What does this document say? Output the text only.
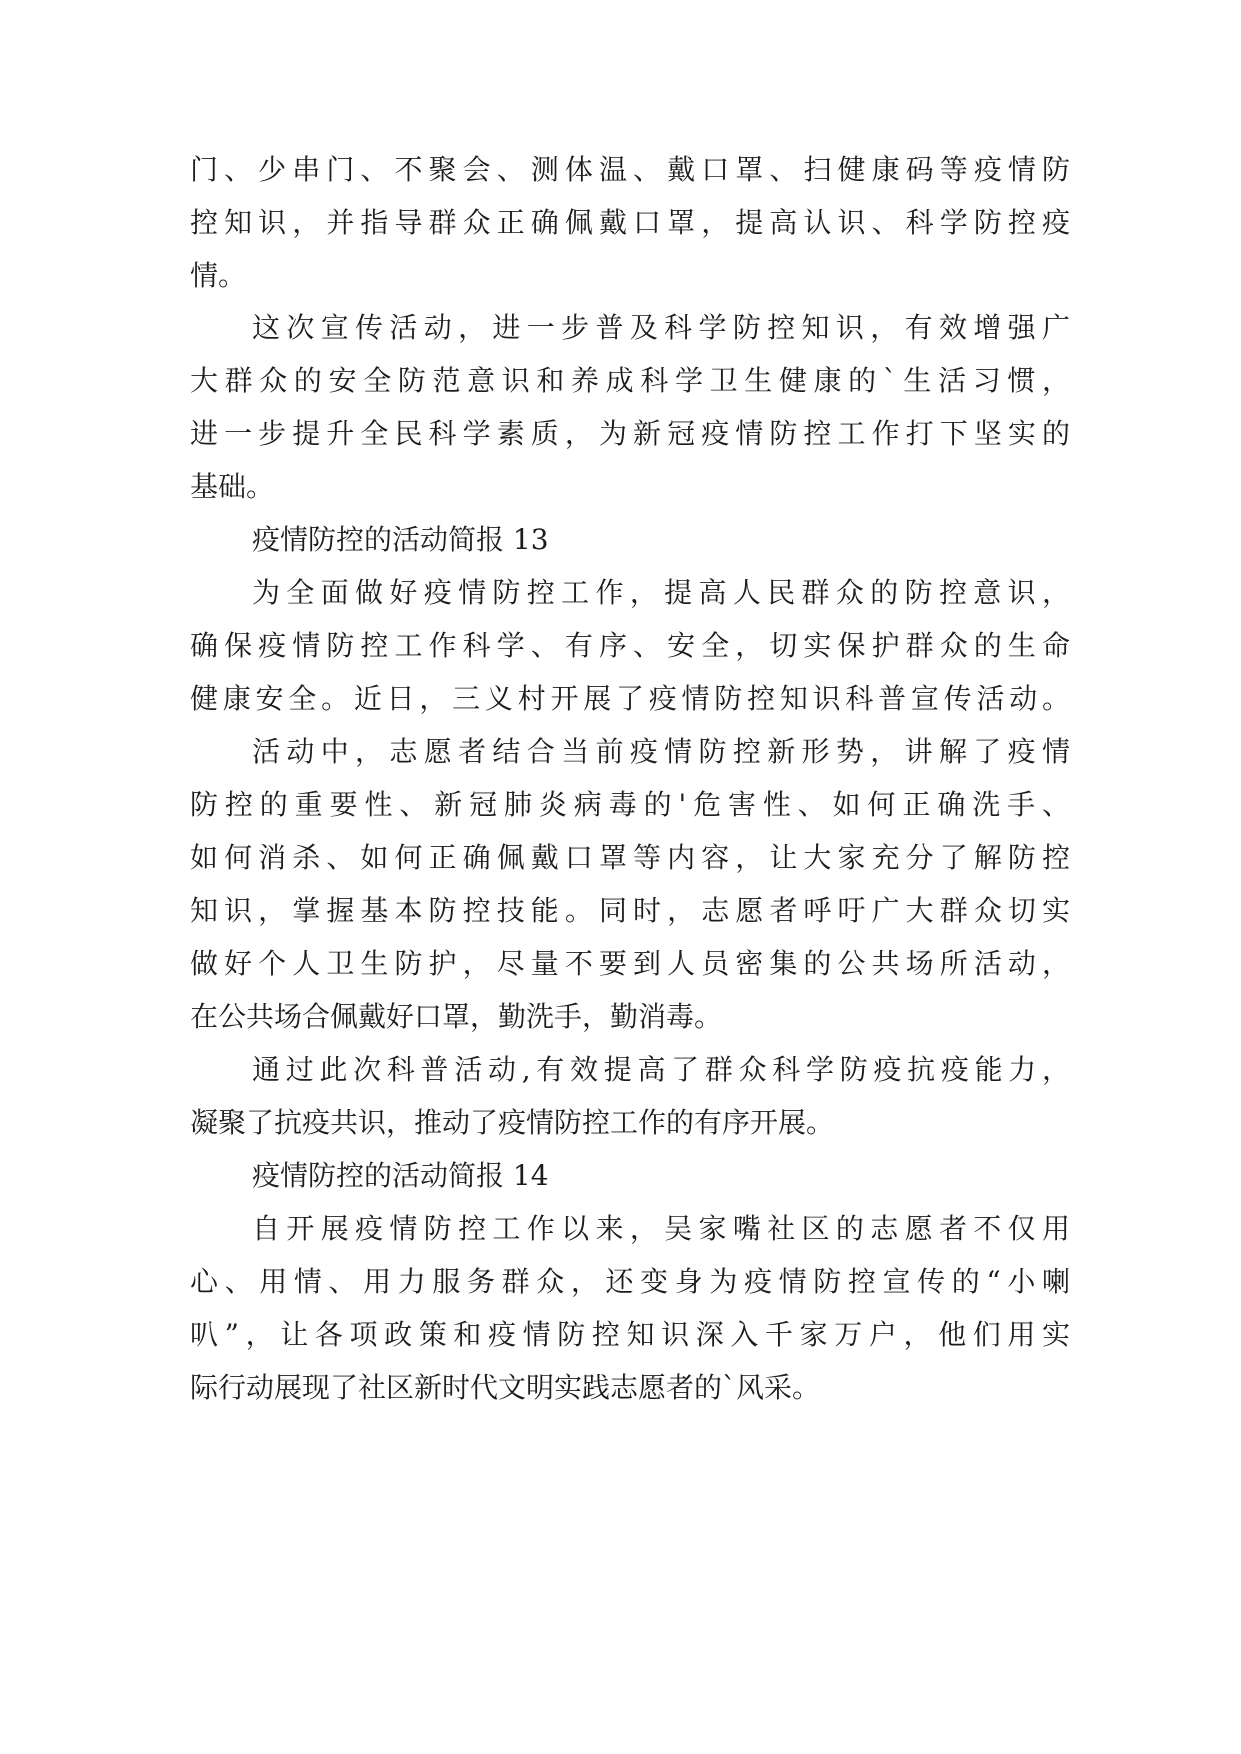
门、少串门、不聚会、测体温、戴口罩、扫健康码等疫情防
控知识，并指导群众正确佩戴口罩，提高认识、科学防控疫
情。
这次宣传活动，进一步普及科学防控知识，有效增强广
大群众的安全防范意识和养成科学卫生健康的`生活习惯，
进一步提升全民科学素质，为新冠疫情防控工作打下坚实的
基础。
疫情防控的活动简报 13
为全面做好疫情防控工作，提高人民群众的防控意识，
确保疫情防控工作科学、有序、安全，切实保护群众的生命
健康安全。近日，三义村开展了疫情防控知识科普宣传活动。
活动中，志愿者结合当前疫情防控新形势，讲解了疫情
防控的重要性、新冠肺炎病毒的'危害性、如何正确洗手、
如何消杀、如何正确佩戴口罩等内容，让大家充分了解防控
知识，掌握基本防控技能。同时，志愿者呼吁广大群众切实
做好个人卫生防护，尽量不要到人员密集的公共场所活动，
在公共场合佩戴好口罩，勤洗手，勤消毒。
通过此次科普活动,有效提高了群众科学防疫抗疫能力，
凝聚了抗疫共识，推动了疫情防控工作的有序开展。
疫情防控的活动简报 14
自开展疫情防控工作以来，吴家嘴社区的志愿者不仅用
心、用情、用力服务群众，还变身为疫情防控宣传的“小喇
叭”，让各项政策和疫情防控知识深入千家万户，他们用实
际行动展现了社区新时代文明实践志愿者的`风采。
